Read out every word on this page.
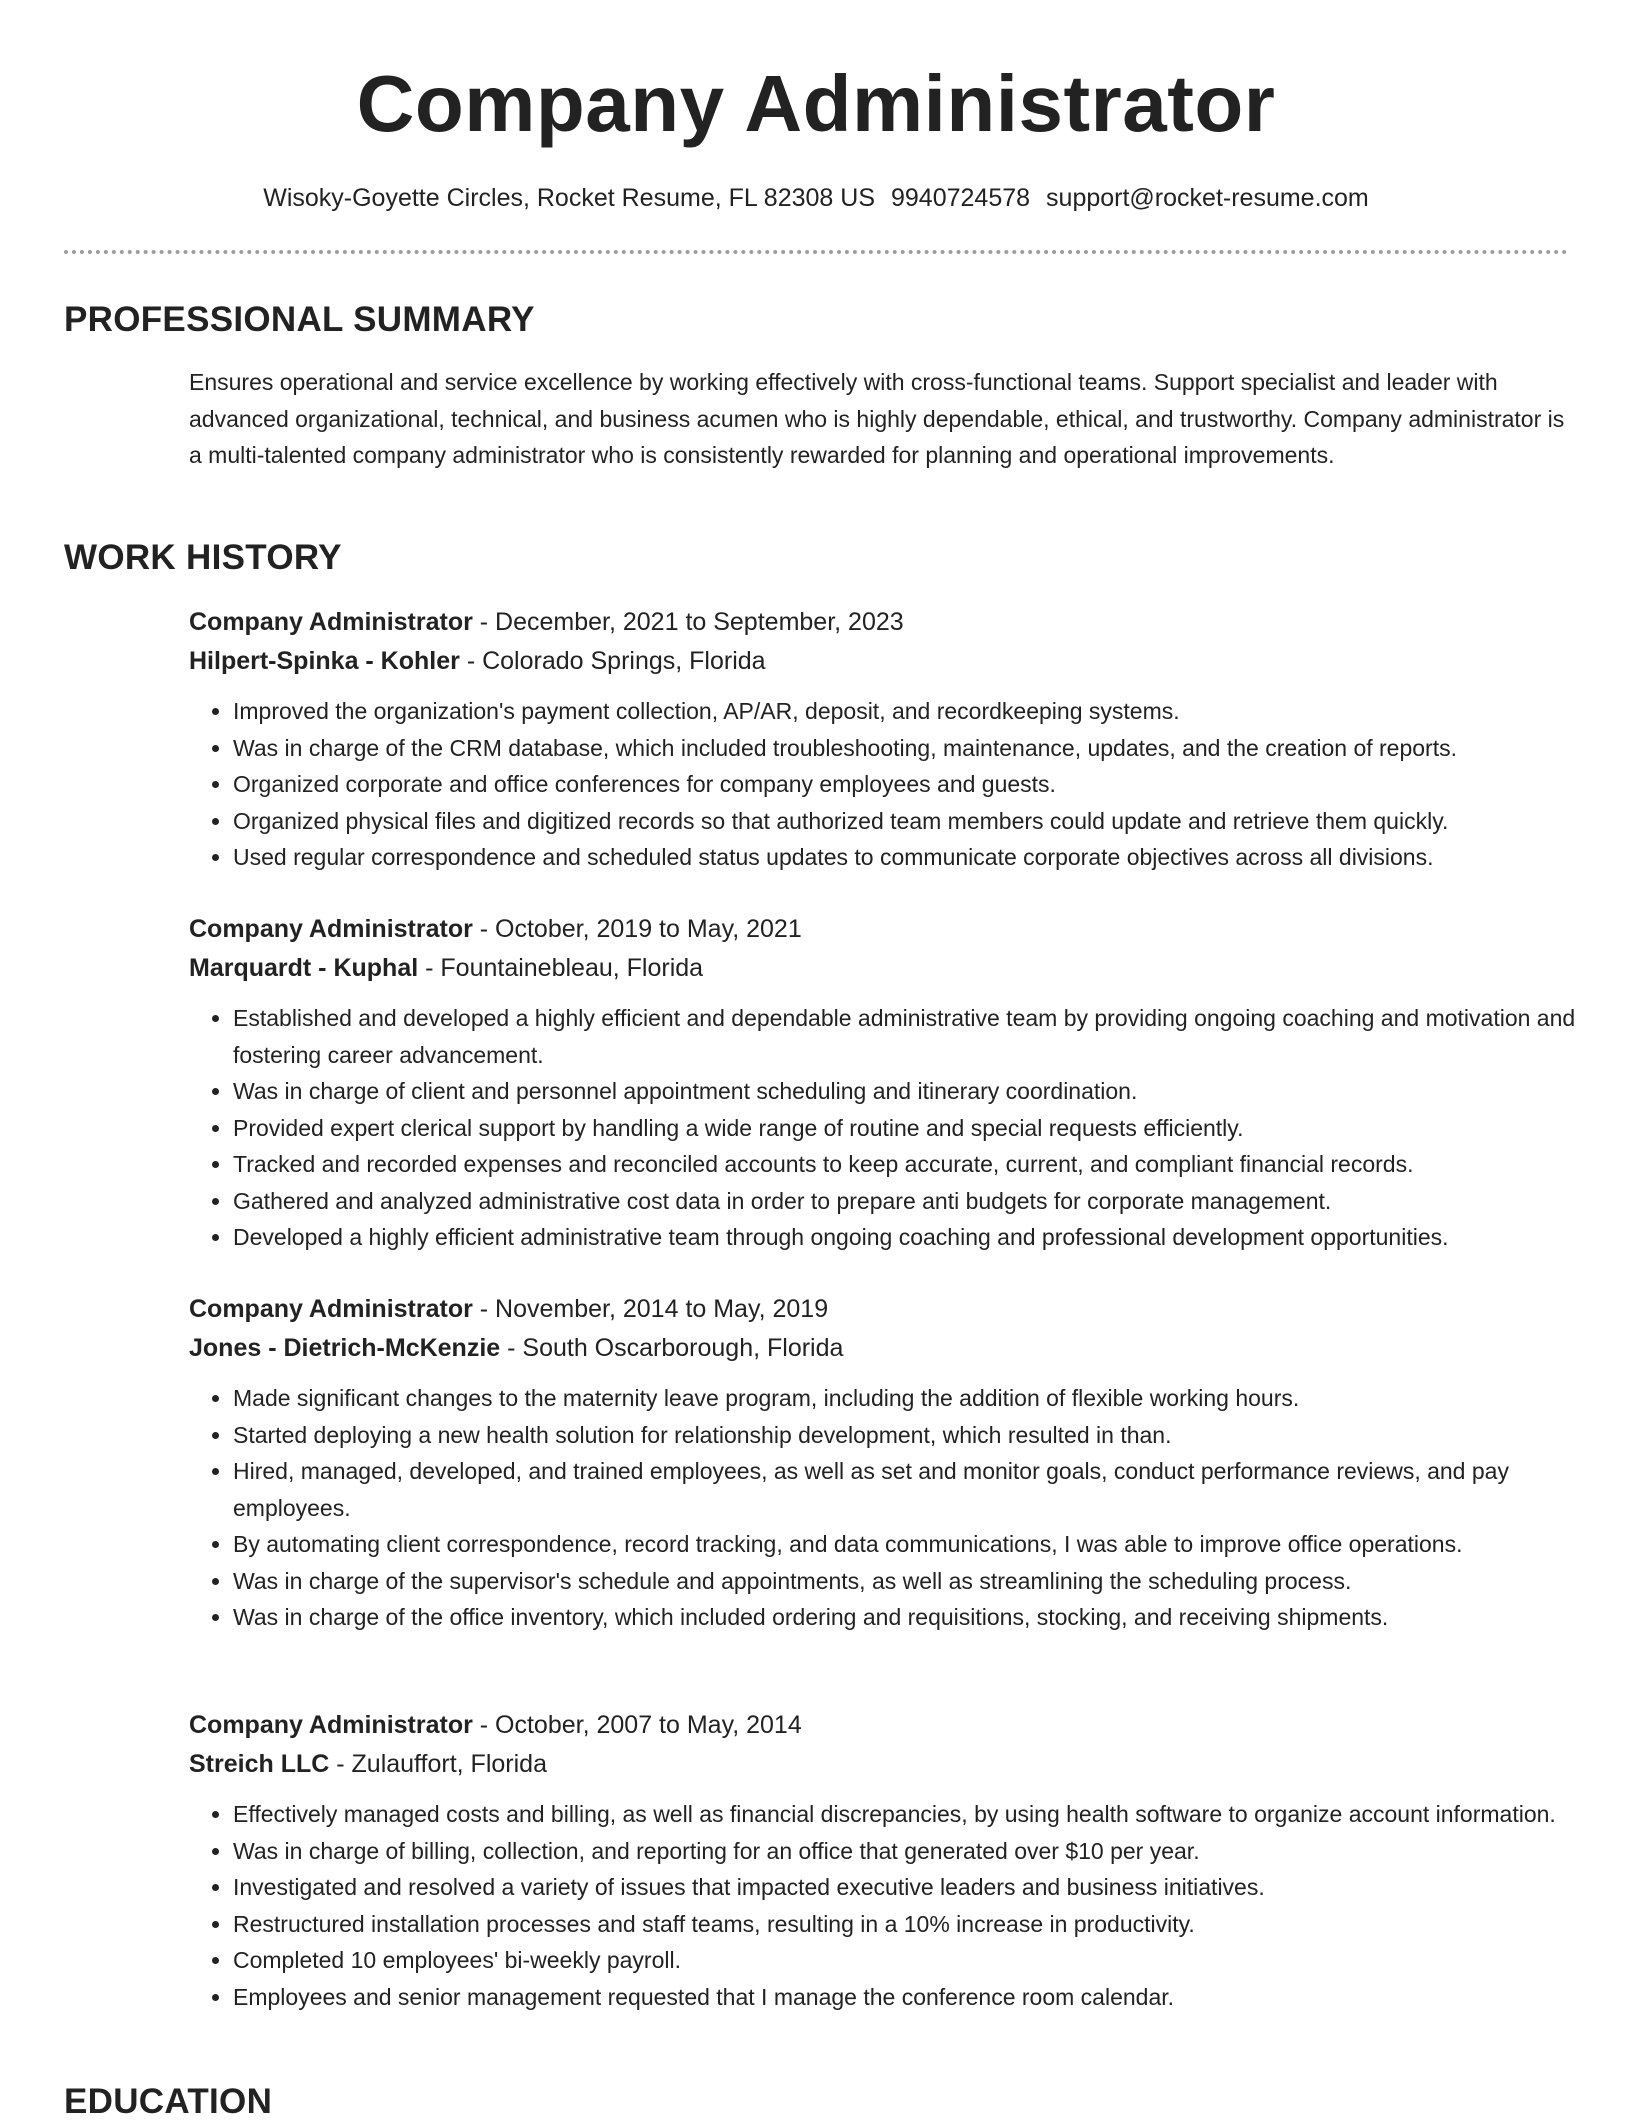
Company Administrator
Wisoky-Goyette Circles, Rocket Resume, FL 82308 US 9940724578 support@rocket-resume.com
PROFESSIONAL SUMMARY

Ensures operational and service excellence by working effectively with cross-functional teams. Support specialist and leader with advanced organizational, technical, and business acumen who is highly dependable, ethical, and trustworthy. Company administrator is a multi-talented company administrator who is consistently rewarded for planning and operational improvements.

WORK HISTORY

Company Administrator - December, 2021 to September, 2023

Hilpert-Spinka - Kohler - Colorado Springs, Florida

• Improved the organization's payment collection, AP/AR, deposit, and recordkeeping systems.
• Was in charge of the CRM database, which included troubleshooting, maintenance, updates, and the creation of reports.
• Organized corporate and office conferences for company employees and guests.
• Organized physical files and digitized records so that authorized team members could update and retrieve them quickly.
• Used regular correspondence and scheduled status updates to communicate corporate objectives across all divisions.

Company Administrator - October, 2019 to May, 2021

Marquardt - Kuphal - Fountainebleau, Florida

• Established and developed a highly efficient and dependable administrative team by providing ongoing coaching and motivation and fostering career advancement.
• Was in charge of client and personnel appointment scheduling and itinerary coordination.
• Provided expert clerical support by handling a wide range of routine and special requests efficiently.
• Tracked and recorded expenses and reconciled accounts to keep accurate, current, and compliant financial records.
• Gathered and analyzed administrative cost data in order to prepare anti budgets for corporate management.
• Developed a highly efficient administrative team through ongoing coaching and professional development opportunities.

Company Administrator - November, 2014 to May, 2019

Jones - Dietrich-McKenzie - South Oscarborough, Florida

• Made significant changes to the maternity leave program, including the addition of flexible working hours.
• Started deploying a new health solution for relationship development, which resulted in than.
• Hired, managed, developed, and trained employees, as well as set and monitor goals, conduct performance reviews, and pay employees.
• By automating client correspondence, record tracking, and data communications, I was able to improve office operations.
• Was in charge of the supervisor's schedule and appointments, as well as streamlining the scheduling process.
• Was in charge of the office inventory, which included ordering and requisitions, stocking, and receiving shipments.

Company Administrator - October, 2007 to May, 2014

Streich LLC - Zulauffort, Florida

• Effectively managed costs and billing, as well as financial discrepancies, by using health software to organize account information.
• Was in charge of billing, collection, and reporting for an office that generated over $10 per year.
• Investigated and resolved a variety of issues that impacted executive leaders and business initiatives.
• Restructured installation processes and staff teams, resulting in a 10% increase in productivity.
• Completed 10 employees' bi-weekly payroll.
• Employees and senior management requested that I manage the conference room calendar.
EDUCATION
